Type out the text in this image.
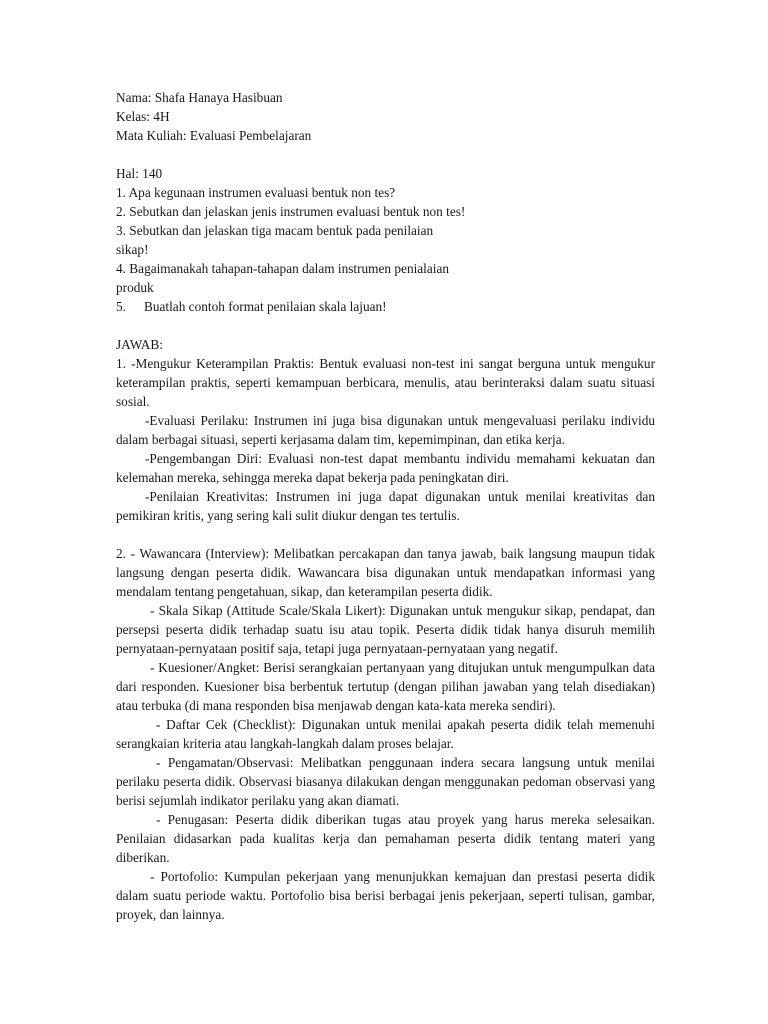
Nama: Shafa Hanaya Hasibuan
Kelas: 4H
Mata Kuliah: Evaluasi Pembelajaran
Hal: 140
1. Apa kegunaan instrumen evaluasi bentuk non tes?
2. Sebutkan dan jelaskan jenis instrumen evaluasi bentuk non tes!
3. Sebutkan dan jelaskan tiga macam bentuk pada penilaian
sikap!
4. Bagaimanakah tahapan-tahapan dalam instrumen penialaian
produk
5. Buatlah contoh format penilaian skala lajuan!
JAWAB:

1. -Mengukur Keterampilan Praktis: Bentuk evaluasi non-test ini sangat berguna untuk mengukur keterampilan praktis, seperti kemampuan berbicara, menulis, atau berinteraksi dalam suatu situasi sosial.

-Evaluasi Perilaku: Instrumen ini juga bisa digunakan untuk mengevaluasi perilaku individu dalam berbagai situasi, seperti kerjasama dalam tim, kepemimpinan, dan etika kerja.

-Pengembangan Diri: Evaluasi non-test dapat membantu individu memahami kekuatan dan kelemahan mereka, sehingga mereka dapat bekerja pada peningkatan diri.

-Penilaian Kreativitas: Instrumen ini juga dapat digunakan untuk menilai kreativitas dan pemikiran kritis, yang sering kali sulit diukur dengan tes tertulis.

2. - Wawancara (Interview): Melibatkan percakapan dan tanya jawab, baik langsung maupun tidak langsung dengan peserta didik. Wawancara bisa digunakan untuk mendapatkan informasi yang mendalam tentang pengetahuan, sikap, dan keterampilan peserta didik.

- Skala Sikap (Attitude Scale/Skala Likert): Digunakan untuk mengukur sikap, pendapat, dan persepsi peserta didik terhadap suatu isu atau topik. Peserta didik tidak hanya disuruh memilih pernyataan-pernyataan positif saja, tetapi juga pernyataan-pernyataan yang negatif.

- Kuesioner/Angket: Berisi serangkaian pertanyaan yang ditujukan untuk mengumpulkan data dari responden. Kuesioner bisa berbentuk tertutup (dengan pilihan jawaban yang telah disediakan) atau terbuka (di mana responden bisa menjawab dengan kata-kata mereka sendiri).

- Daftar Cek (Checklist): Digunakan untuk menilai apakah peserta didik telah memenuhi serangkaian kriteria atau langkah-langkah dalam proses belajar.

- Pengamatan/Observasi: Melibatkan penggunaan indera secara langsung untuk menilai perilaku peserta didik. Observasi biasanya dilakukan dengan menggunakan pedoman observasi yang berisi sejumlah indikator perilaku yang akan diamati.

- Penugasan: Peserta didik diberikan tugas atau proyek yang harus mereka selesaikan. Penilaian didasarkan pada kualitas kerja dan pemahaman peserta didik tentang materi yang diberikan.

- Portofolio: Kumpulan pekerjaan yang menunjukkan kemajuan dan prestasi peserta didik dalam suatu periode waktu. Portofolio bisa berisi berbagai jenis pekerjaan, seperti tulisan, gambar, proyek, dan lainnya.
